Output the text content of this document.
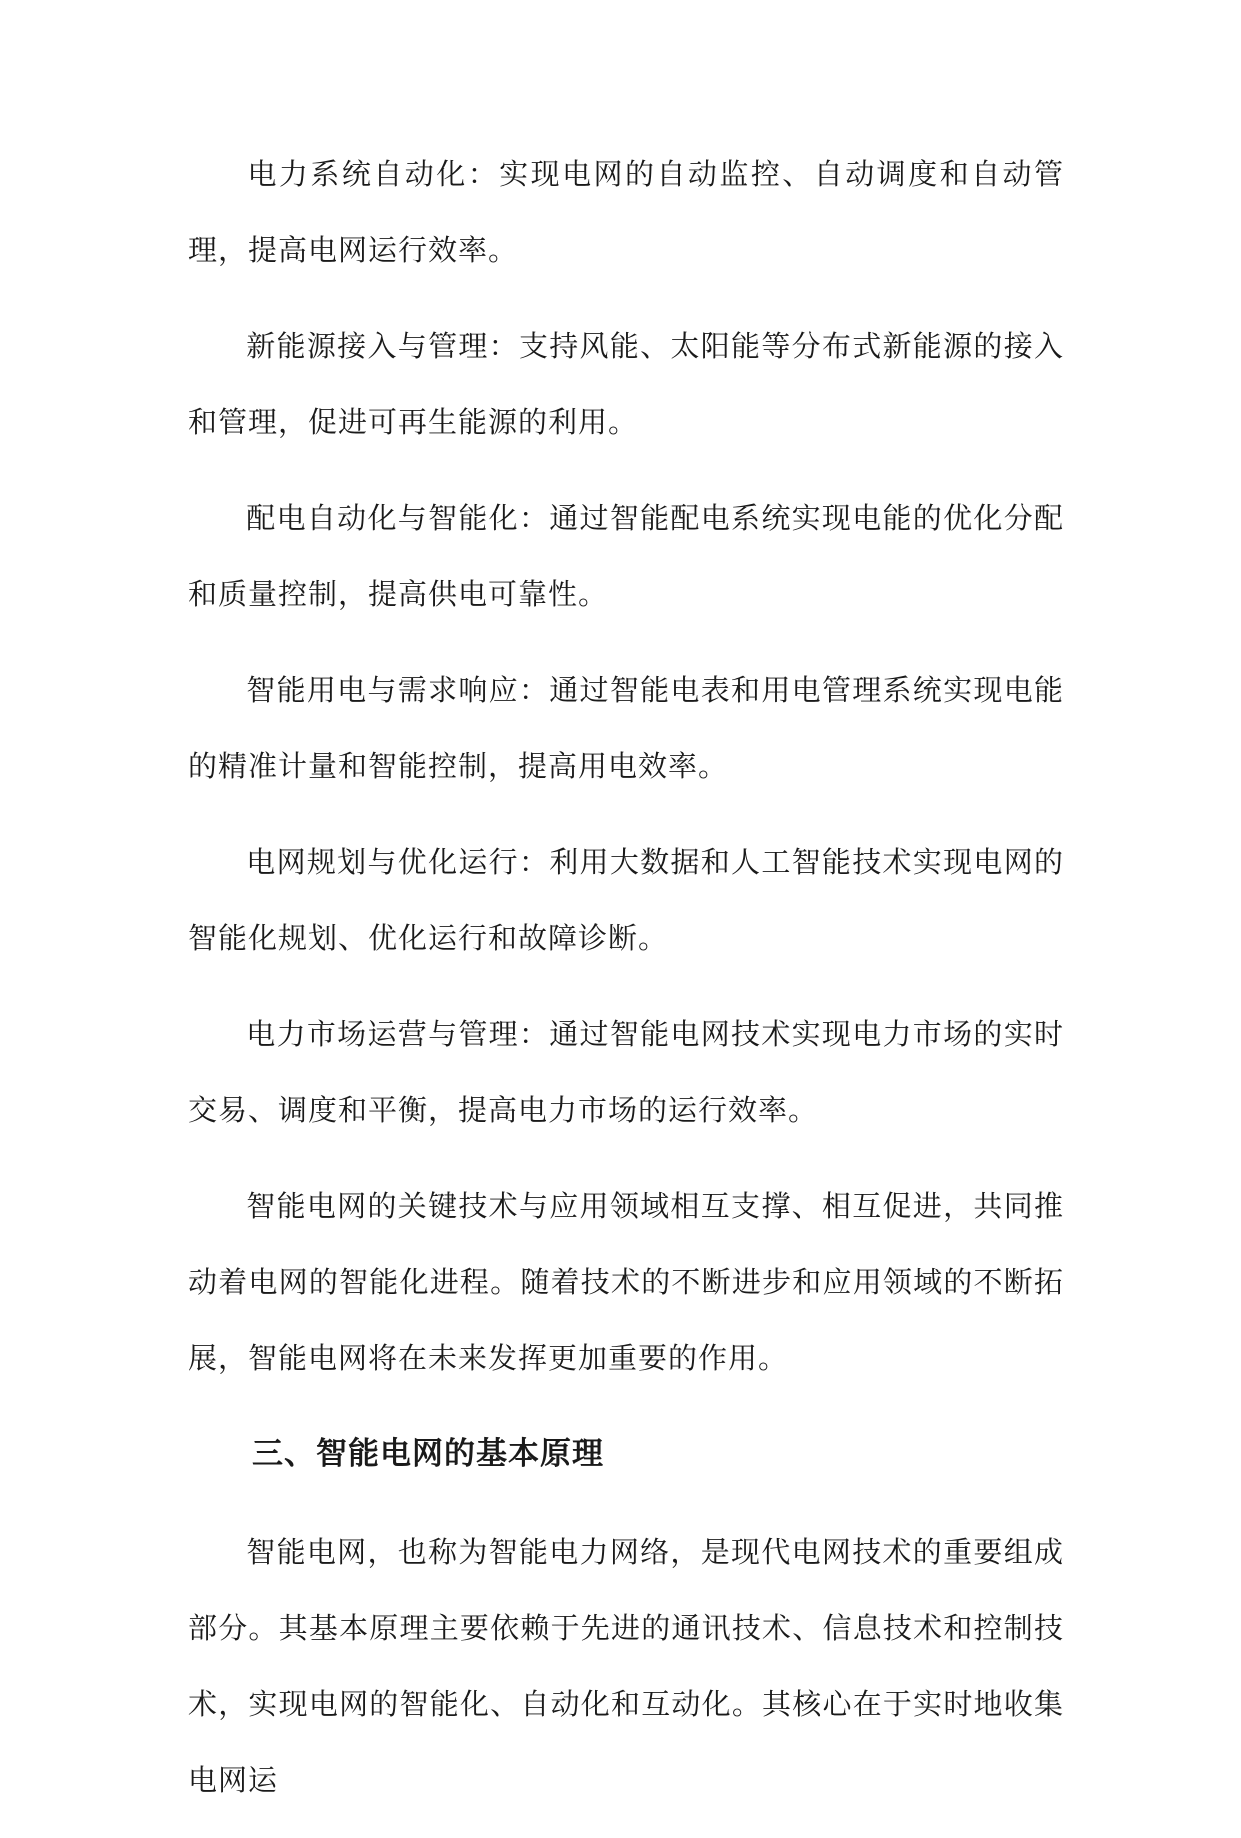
电力系统自动化：实现电网的自动监控、自动调度和自动管理，提高电网运行效率。

新能源接入与管理：支持风能、太阳能等分布式新能源的接入和管理，促进可再生能源的利用。

配电自动化与智能化：通过智能配电系统实现电能的优化分配和质量控制，提高供电可靠性。

智能用电与需求响应：通过智能电表和用电管理系统实现电能的精准计量和智能控制，提高用电效率。

电网规划与优化运行：利用大数据和人工智能技术实现电网的智能化规划、优化运行和故障诊断。

电力市场运营与管理：通过智能电网技术实现电力市场的实时交易、调度和平衡，提高电力市场的运行效率。

智能电网的关键技术与应用领域相互支撑、相互促进，共同推动着电网的智能化进程。随着技术的不断进步和应用领域的不断拓展，智能电网将在未来发挥更加重要的作用。

三、智能电网的基本原理

智能电网，也称为智能电力网络，是现代电网技术的重要组成部分。其基本原理主要依赖于先进的通讯技术、信息技术和控制技术，实现电网的智能化、自动化和互动化。其核心在于实时地收集电网运
